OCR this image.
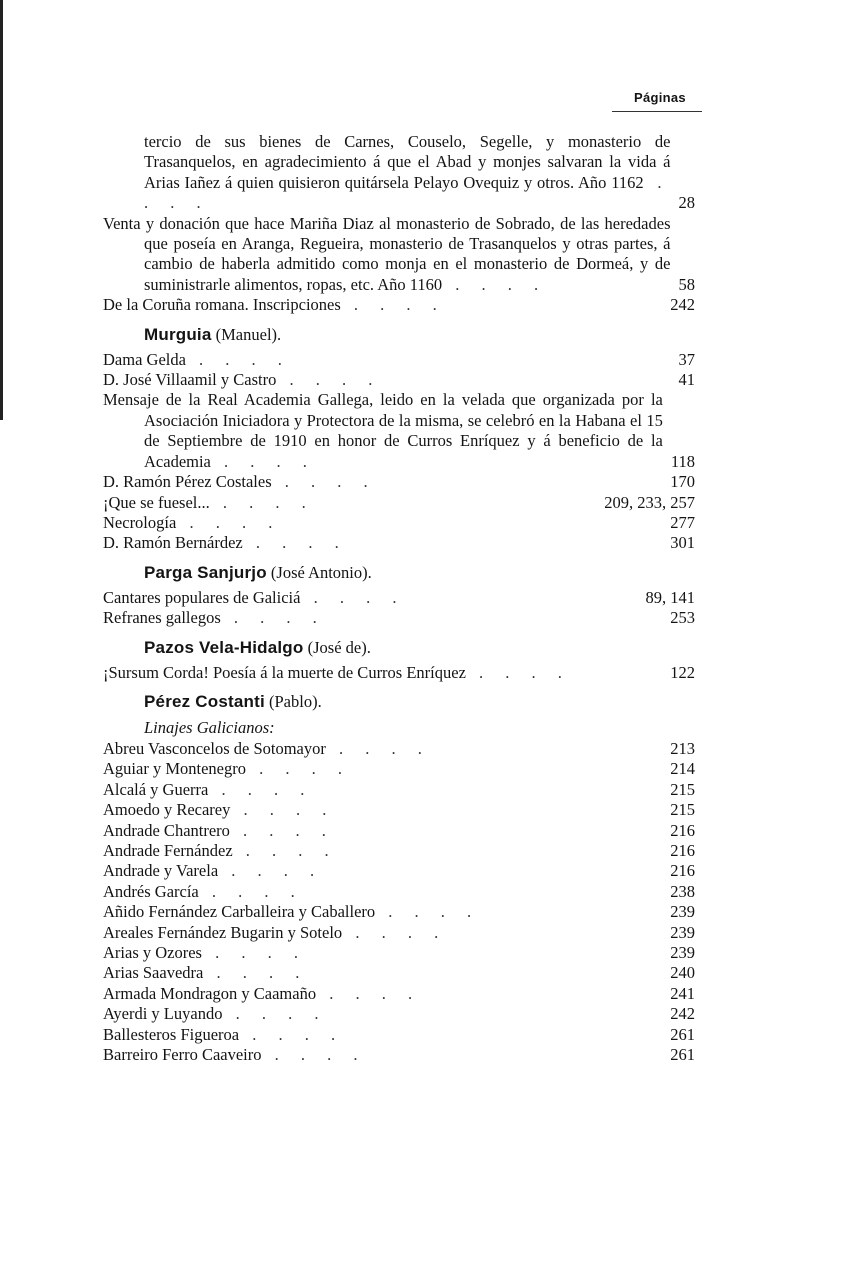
Páginas
tercio de sus bienes de Carnes, Couselo, Segelle, y monasterio de Trasanquelos, en agradecimiento á que el Abad y monjes salvaran la vida á Arias Iañez á quien quisieron quitársela Pelayo Ovequiz y otros. Año 1162 . . . .	28
Venta y donación que hace Mariña Diaz al monasterio de Sobrado, de las heredades que poseía en Aranga, Regueira, monasterio de Trasanquelos y otras partes, á cambio de haberla admitido como monja en el monasterio de Dormeá, y de suministrarle alimentos, ropas, etc. Año 1160 . . . .	58
De la Coruña romana. Inscripciones . . . .	242
Murguia (Manuel).
Dama Gelda . . . .	37
D. José Villaamil y Castro . . . .	41
Mensaje de la Real Academia Gallega, leido en la velada que organizada por la Asociación Iniciadora y Protectora de la misma, se celebró en la Habana el 15 de Septiembre de 1910 en honor de Curros Enríquez y á beneficio de la Academia . . . .	118
D. Ramón Pérez Costales . . . .	170
¡Que se fuesel... . . . .	209, 233, 257
Necrología . . . .	277
D. Ramón Bernárdez . . . .	301
Parga Sanjurjo (José Antonio).
Cantares populares de Galiciá . . . .	89, 141
Refranes gallegos . . . .	253
Pazos Vela-Hidalgo (José de).
¡Sursum Corda! Poesía á la muerte de Curros Enríquez . . . .	122
Pérez Costanti (Pablo).
Linajes Galicianos:
Abreu Vasconcelos de Sotomayor . . . .	213
Aguiar y Montenegro . . . .	214
Alcalá y Guerra . . . .	215
Amoedo y Recarey . . . .	215
Andrade Chantrero . . . .	216
Andrade Fernández . . . .	216
Andrade y Varela . . . .	216
Andrés García . . . .	238
Añido Fernández Carballeira y Caballero . . . .	239
Areales Fernández Bugarin y Sotelo . . . .	239
Arias y Ozores . . . .	239
Arias Saavedra . . . .	240
Armada Mondragon y Caamaño . . . .	241
Ayerdi y Luyando . . . .	242
Ballesteros Figueroa . . . .	261
Barreiro Ferro Caaveiro . . . .	261
